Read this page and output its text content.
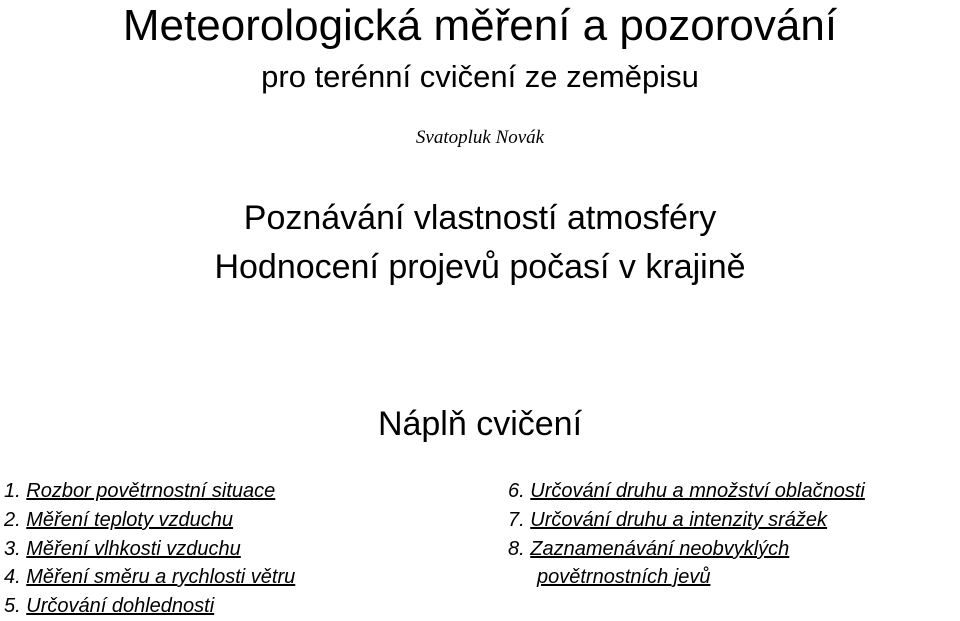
Meteorologická měření a pozorování
pro terénní cvičení ze zeměpisu
Svatopluk Novák
Poznávání vlastností atmosféry
Hodnocení projevů počasí v krajině
Náplň cvičení
1. Rozbor povětrnostní situace
2. Měření teploty vzduchu
3. Měření vlhkosti vzduchu
4. Měření směru a rychlosti větru
5. Určování dohlednosti
6. Určování druhu a množství oblačnosti
7. Určování druhu a intenzity srážek
8. Zaznamenávání neobvyklých
povětrnostních jevů
